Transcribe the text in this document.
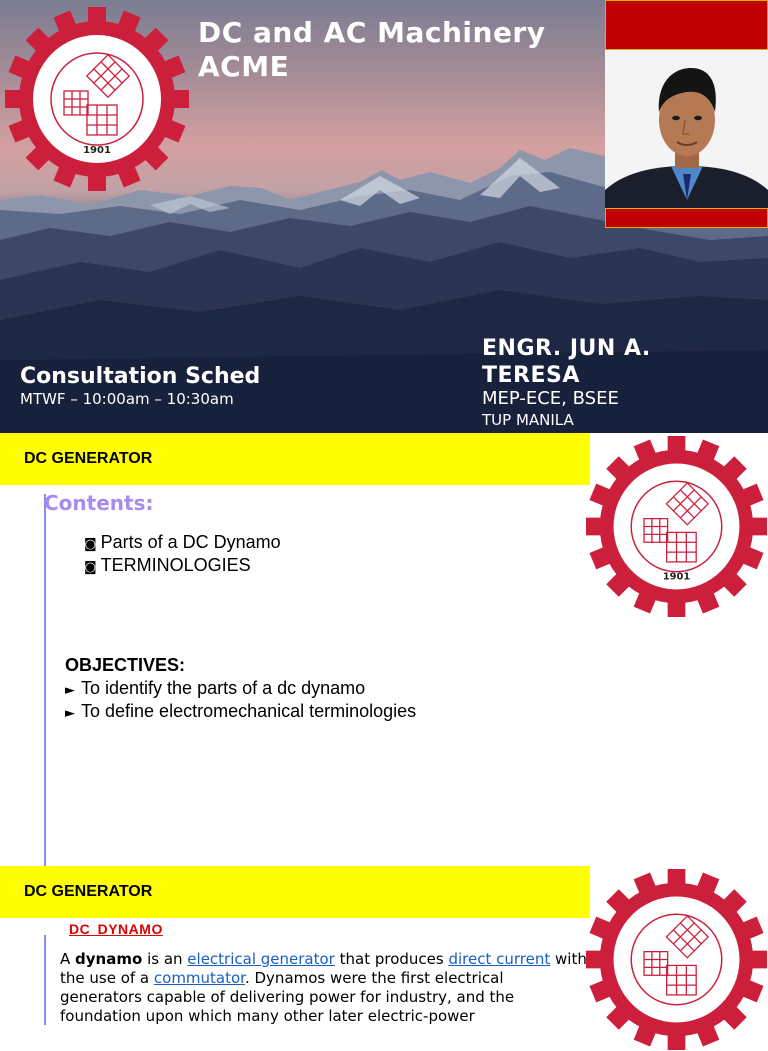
1901
DC and AC Machinery
ACME
Consultation Sched
MTWF – 10:00am – 10:30am
ENGR. JUN A.
TERESA
MEP-ECE, BSEE
TUP MANILA
DC GENERATOR
1901
Contents:
◙ Parts of a DC Dynamo
◙ TERMINOLOGIES
OBJECTIVES:
► To identify the parts of a dc dynamo
► To define electromechanical terminologies
DC GENERATOR
DC DYNAMO
A dynamo is an electrical generator that produces direct current with the use of a commutator. Dynamos were the first electrical generators capable of delivering power for industry, and the foundation upon which many other later electric-power
